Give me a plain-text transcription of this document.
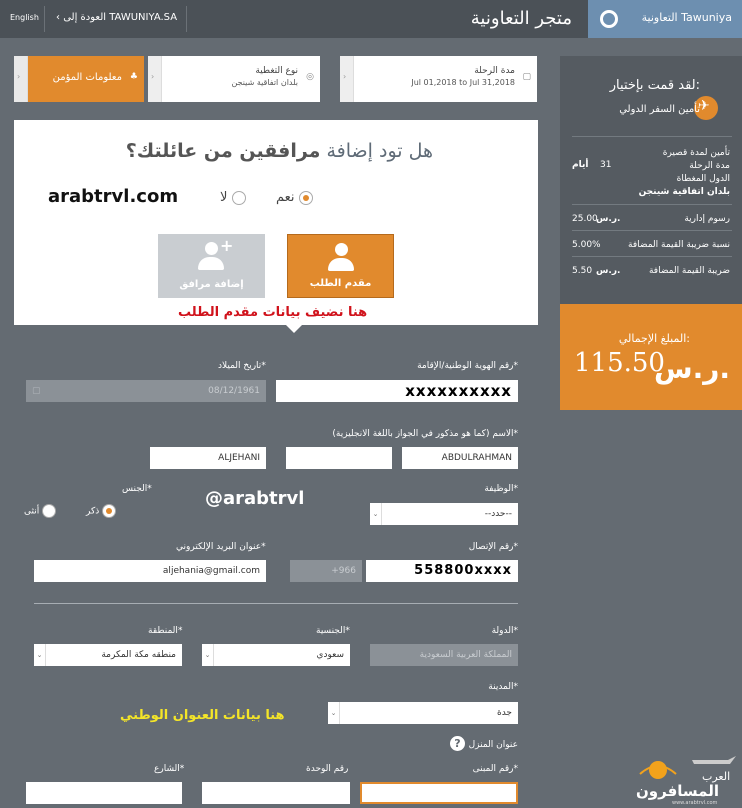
English ‹ العودة إلى TAWUNIYA.SA	متجر التعاونية	التعاونية Tawuniya
▢
مدة الرحلة
Jul 01,2018 to Jul 31,2018
›
◎
نوع التغطية
بلدان اتفاقية شينجن
›
♣
معلومات المؤمن
›
هل تود إضافة مرافقين من عائلتك؟
نعم
لا
مقدم الطلب
+
إضافة مرافق
arabtrvl.com
هنا نضيف بيانات مقدم الطلب
رقم الهوية الوطنية/الإقامة*
xxxxxxxxxx
تاريخ الميلاد*
▢	08/12/1961
الاسم (كما هو مذكور في الجواز باللغة الانجليزية)*
ABDULRAHMAN
ALJEHANI
الوظيفة*
⌄	--حدد--
الجنس*
ذكر
أنثى
@arabtrvl
رقم الإتصال*
558800xxxx
+966
عنوان البريد الإلكتروني*
aljehania@gmail.com
الدولة*
المملكة العربية السعودية
الجنسية*
⌄	سعودي
المنطقة*
⌄	منطقه مكة المكرمة
المدينة*
⌄	جدة
هنا بيانات العنوان الوطني
عنوان المنزل
?
رقم المبنى*
رقم الوحدة
الشارع*
لقد قمت بإختيار:
✈
تأمين السفر الدولي
تأمين لمدة قصيرة
مدة الرحلة
أيام 31
الدول المغطاة
بلدان اتفاقية شينجن
رسوم إدارية
ر.س.
25.00
نسبة ضريبة القيمة المضافة
5.00%
ضريبة القيمة المضافة
ر.س.
5.50
المبلغ الإجمالي:
115.50
ر.س.
العرب
المسافرون
www.arabtrvl.com
